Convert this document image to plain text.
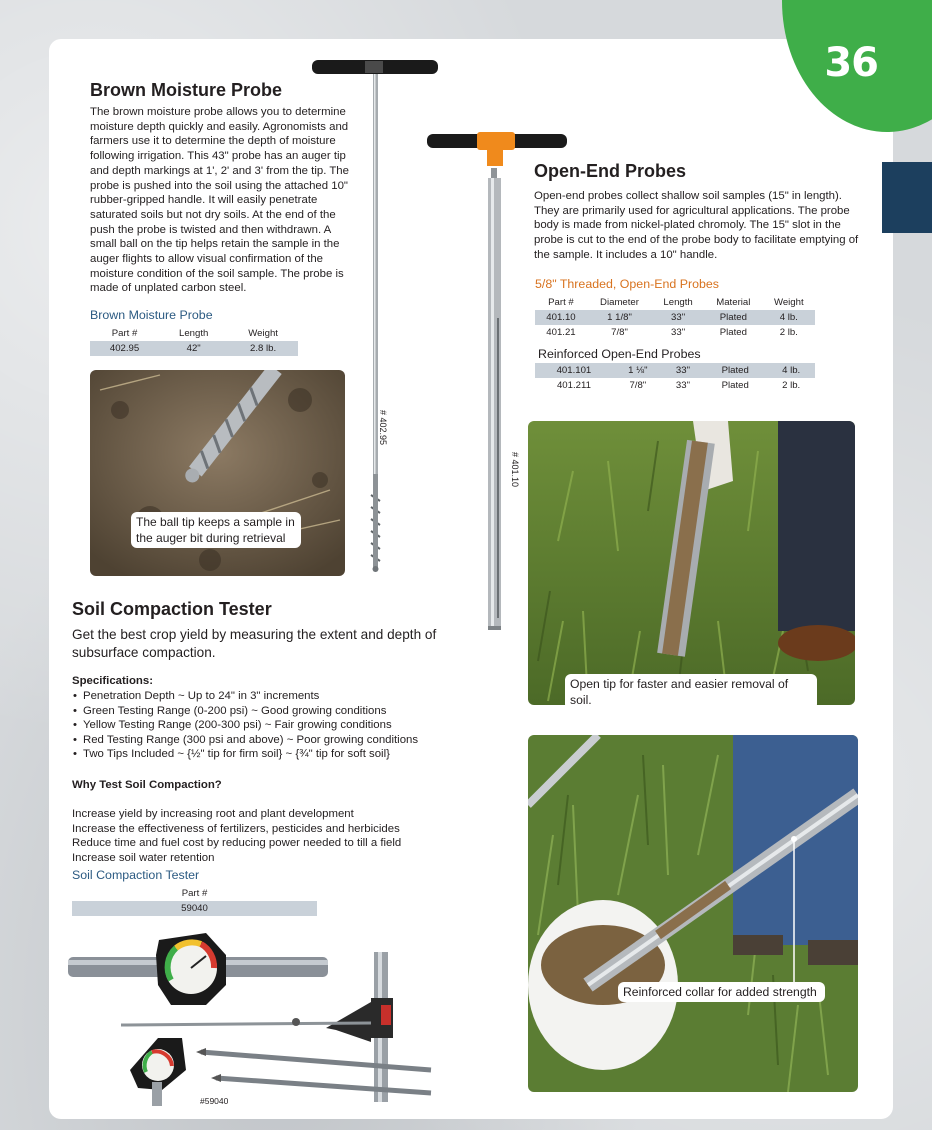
36
Brown Moisture Probe

The brown moisture probe allows you to determine moisture depth quickly and easily. Agronomists and farmers use it to determine the depth of moisture following irrigation. This 43" probe has an auger tip and depth markings at 1', 2' and 3' from the tip. The probe is pushed into the soil using the attached 10" rubber-gripped handle. It will easily penetrate saturated soils but not dry soils. At the end of the push the probe is twisted and then withdrawn. A small ball on the tip helps retain the sample in the auger flights to allow visual confirmation of the moisture condition of the soil sample. The probe is made of unplated carbon steel.

Brown Moisture Probe
Part #	Length	Weight
402.95	42"	2.8 lb.
The ball tip keeps a sample in the auger bit during retrieval
# 402.95
# 401.10
Open-End Probes

Open-end probes collect shallow soil samples (15" in length). They are primarily used for agricultural applications. The probe body is made from nickel-plated chromoly. The 15" slot in the probe is cut to the end of the probe body to facilitate emptying of the sample. It includes a 10" handle.

5/8" Threaded, Open-End Probes
Part #	Diameter	Length	Material	Weight
401.10	1 1/8"	33"	Plated	4 lb.
401.21	7/8"	33"	Plated	2 lb.
Reinforced Open-End Probes
401.101	1 ⅛"	33"	Plated	4 lb.
401.211	7/8"	33"	Plated	2 lb.
Open tip for faster and easier removal of soil.
Reinforced collar for added strength
Soil Compaction Tester

Get the best crop yield by measuring the extent and depth of subsurface compaction.

Specifications:
• Penetration Depth ~ Up to 24" in 3" increments
• Green Testing Range (0-200 psi) ~ Good growing conditions
• Yellow Testing Range (200-300 psi) ~ Fair growing conditions
• Red Testing Range (300 psi and above) ~ Poor growing conditions
• Two Tips Included ~ {½" tip for firm soil} ~ {¾" tip for soft soil}
Why Test Soil Compaction?
Increase yield by increasing root and plant development
Increase the effectiveness of fertilizers, pesticides and herbicides
Reduce time and fuel cost by reducing power needed to till a field
Increase soil water retention
Soil Compaction Tester
Part #
59040
#59040
